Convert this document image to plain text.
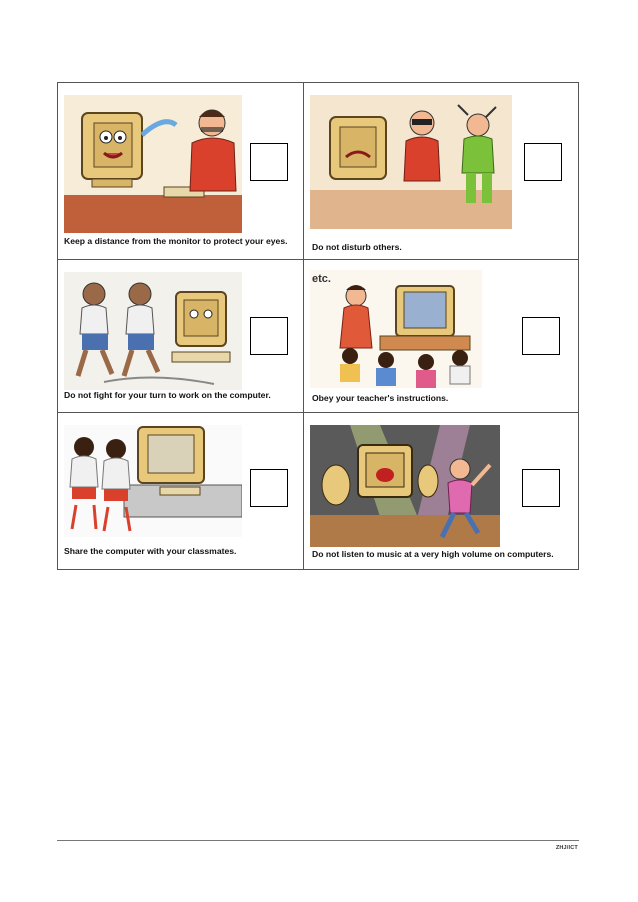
Keep a distance from the monitor to protect your eyes.
Do not disturb others.
Do not fight for your turn to work on the computer.
etc.
Obey your teacher's instructions.
Share the computer with your classmates.	Do not listen to music at a very high volume on computers.
ZHJ/ICT
